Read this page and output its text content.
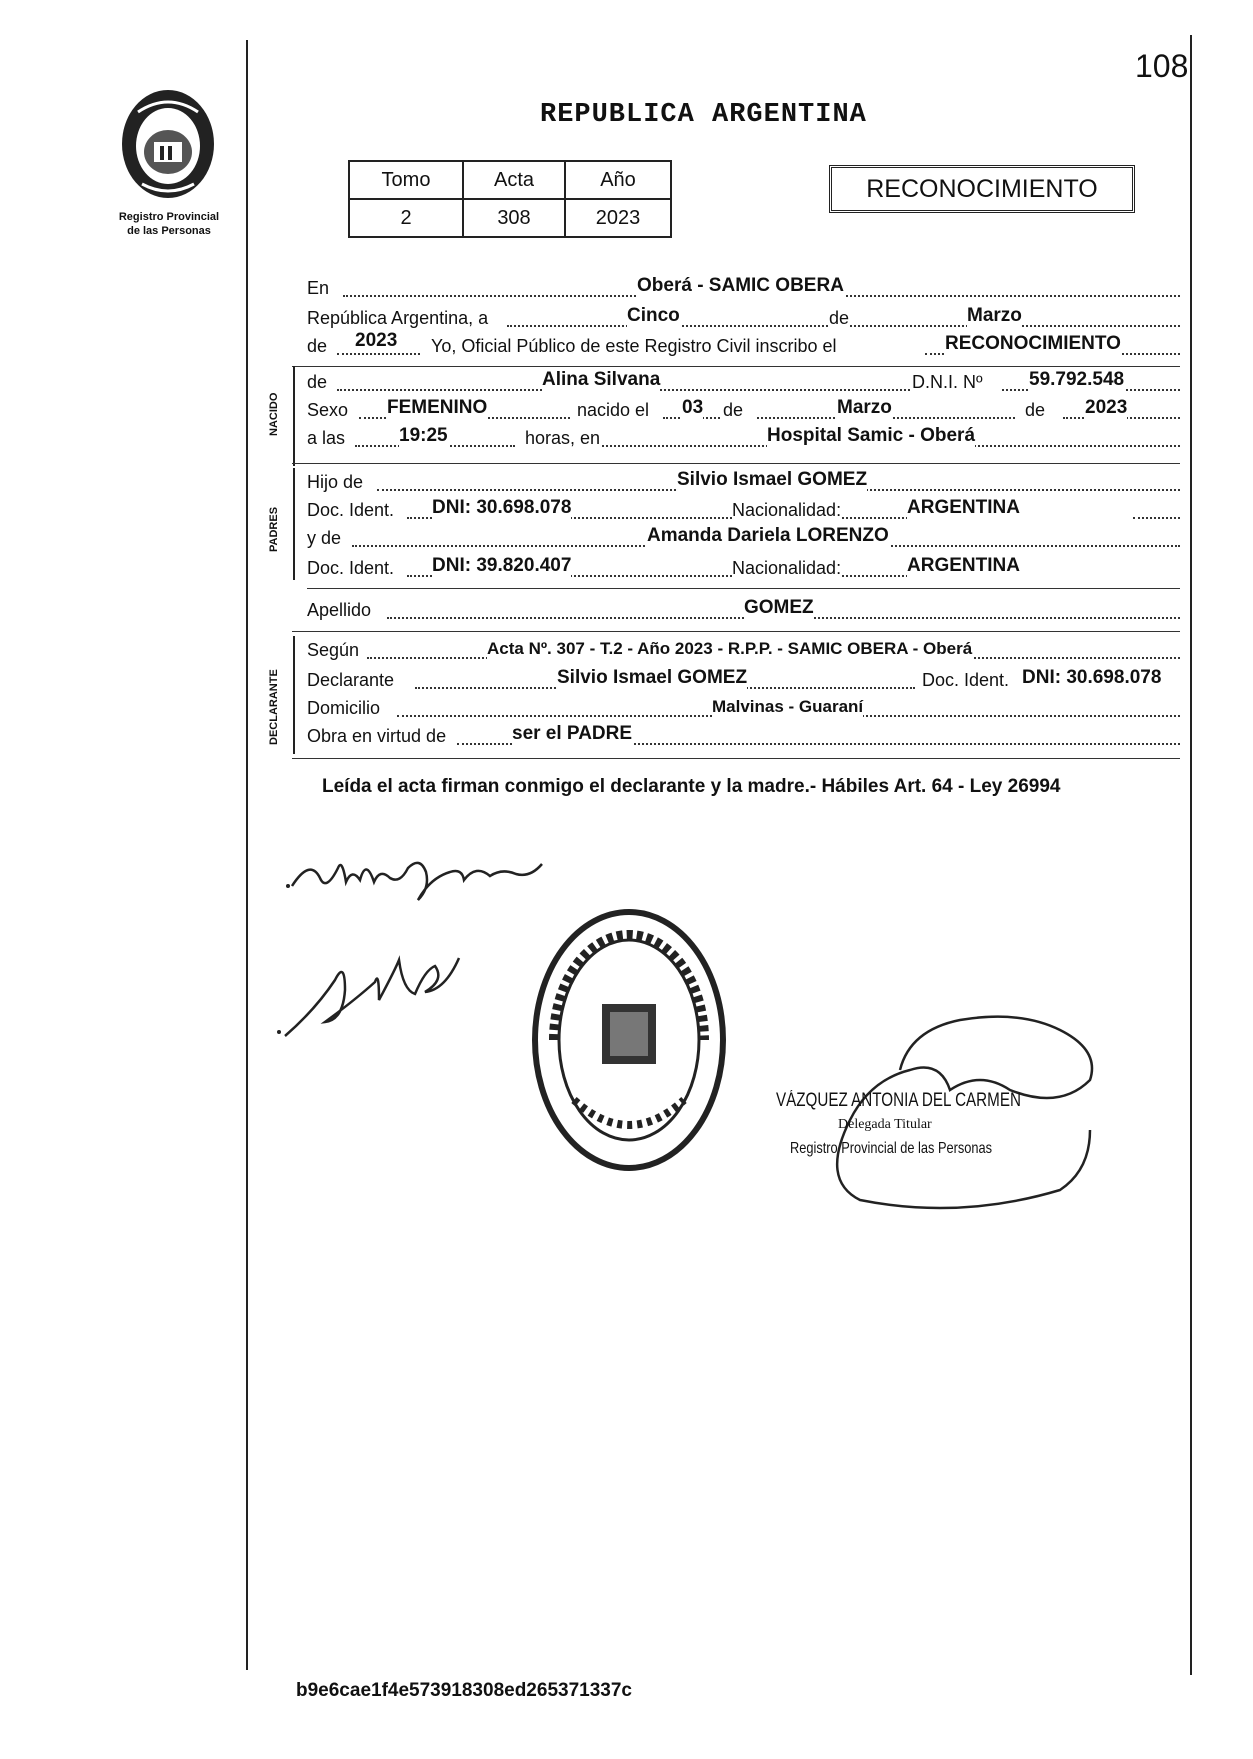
108
Registro Provincial
de las Personas
REPUBLICA ARGENTINA
Tomo	Acta	Año
2	308	2023
RECONOCIMIENTO
En	Oberá - SAMIC OBERA
República Argentina, a	Cinco	de	Marzo
de 2023 Yo, Oficial Público de este Registro Civil inscribo el	RECONOCIMIENTO
NACIDO
de	Alina Silvana	D.N.I. Nº 59.792.548
Sexo FEMENINO	nacido el 03 de	Marzo	de 2023
a las	19:25	horas, en	Hospital Samic - Oberá
PADRES
Hijo de	Silvio Ismael GOMEZ
Doc. Ident. DNI: 30.698.078	Nacionalidad:	ARGENTINA
y de	Amanda Dariela LORENZO
Doc. Ident. DNI: 39.820.407	Nacionalidad:	ARGENTINA
Apellido	GOMEZ
DECLARANTE
Según	Acta Nº. 307 - T.2 - Año 2023 - R.P.P. - SAMIC OBERA - Oberá
Declarante	Silvio Ismael GOMEZ	Doc. Ident. DNI: 30.698.078
Domicilio	Malvinas - Guaraní
Obra en virtud de	ser el PADRE
Leída el acta firman conmigo el declarante y la madre.- Hábiles Art. 64 - Ley 26994
VÁZQUEZ ANTONIA DEL CARMEN
Delegada Titular
Registro Provincial de las Personas
b9e6cae1f4e573918308ed265371337c
